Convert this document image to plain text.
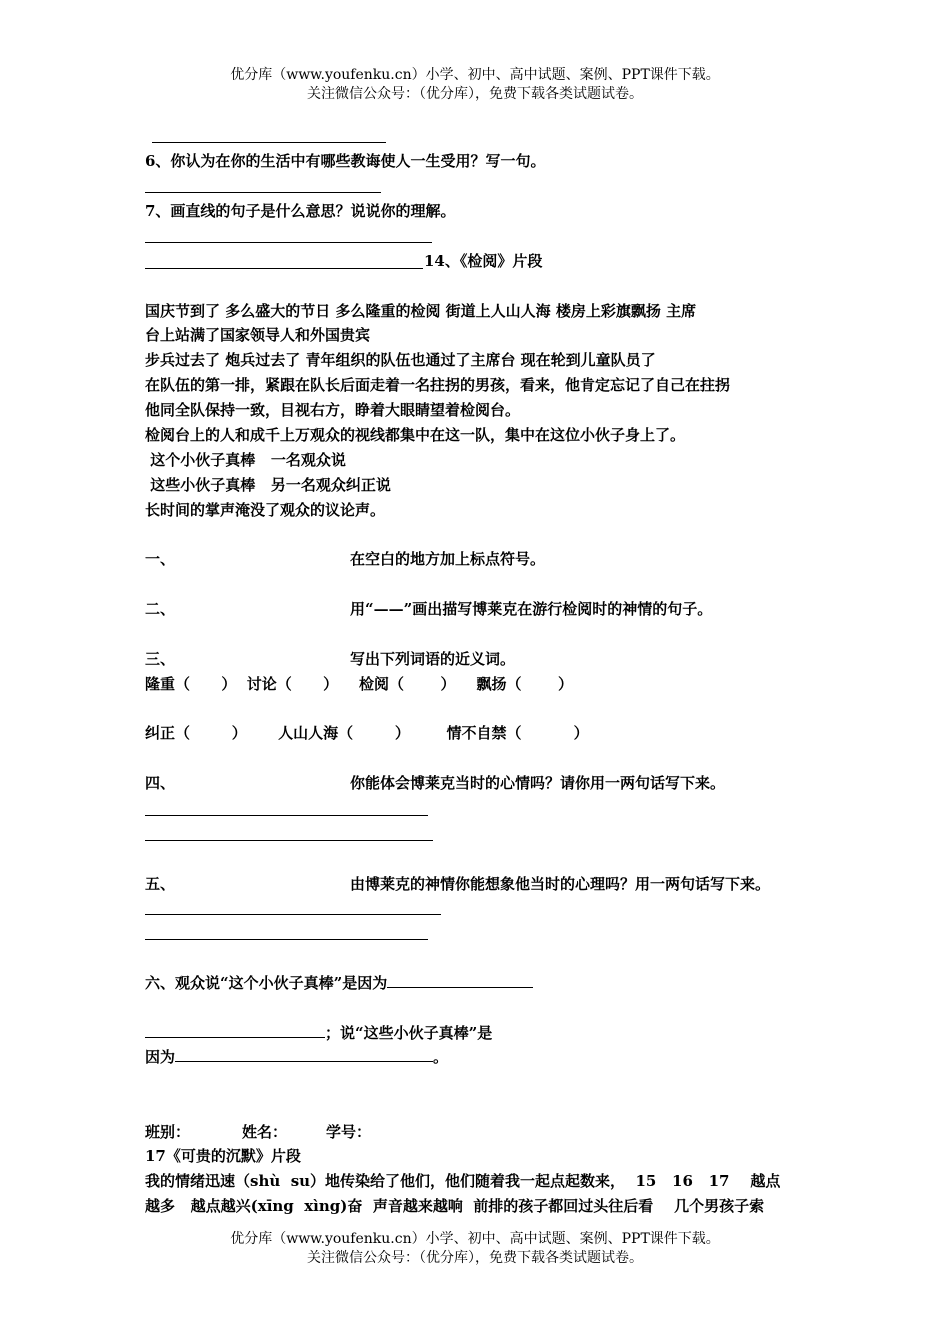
优分库（www.youfenku.cn）小学、初中、高中试题、案例、PPT课件下载。
关注微信公众号：（优分库），免费下载各类试题试卷。
6、你认为在你的生活中有哪些教诲使人一生受用？写一句。
7、画直线的句子是什么意思？说说你的理解。
14、《检阅》片段
国庆节到了 多么盛大的节日 多么隆重的检阅 街道上人山人海 楼房上彩旗飘扬 主席
台上站满了国家领导人和外国贵宾
步兵过去了 炮兵过去了 青年组织的队伍也通过了主席台 现在轮到儿童队员了
在队伍的第一排，紧跟在队长后面走着一名拄拐的男孩，看来，他肯定忘记了自己在拄拐
他同全队保持一致，目视右方，睁着大眼睛望着检阅台。
检阅台上的人和成千上万观众的视线都集中在这一队，集中在这位小伙子身上了。
这个小伙子真棒   一名观众说
这些小伙子真棒   另一名观众纠正说
长时间的掌声淹没了观众的议论声。
一、	在空白的地方加上标点符号。
二、	用“——”画出描写博莱克在游行检阅时的神情的句子。
三、	写出下列词语的近义词。
隆重（      ）  讨论（      ）    检阅（       ）    飘扬（       ）
纠正（        ）      人山人海（        ）       情不自禁（          ）
四、	你能体会博莱克当时的心情吗？请你用一两句话写下来。
五、	由博莱克的神情你能想象他当时的心理吗？用一两句话写下来。
六、观众说“这个小伙子真棒”是因为
；说“这些小伙子真棒”是
因为	。
班别：	姓名：	学号：
17《可贵的沉默》片段
我的情绪迅速（shù  su）地传染给了他们，他们随着我一起点起数来，  15   16   17    越点
越多   越点越兴(xīng  xìng)奋  声音越来越响  前排的孩子都回过头往后看    几个男孩子索
优分库（www.youfenku.cn）小学、初中、高中试题、案例、PPT课件下载。
关注微信公众号：（优分库），免费下载各类试题试卷。
